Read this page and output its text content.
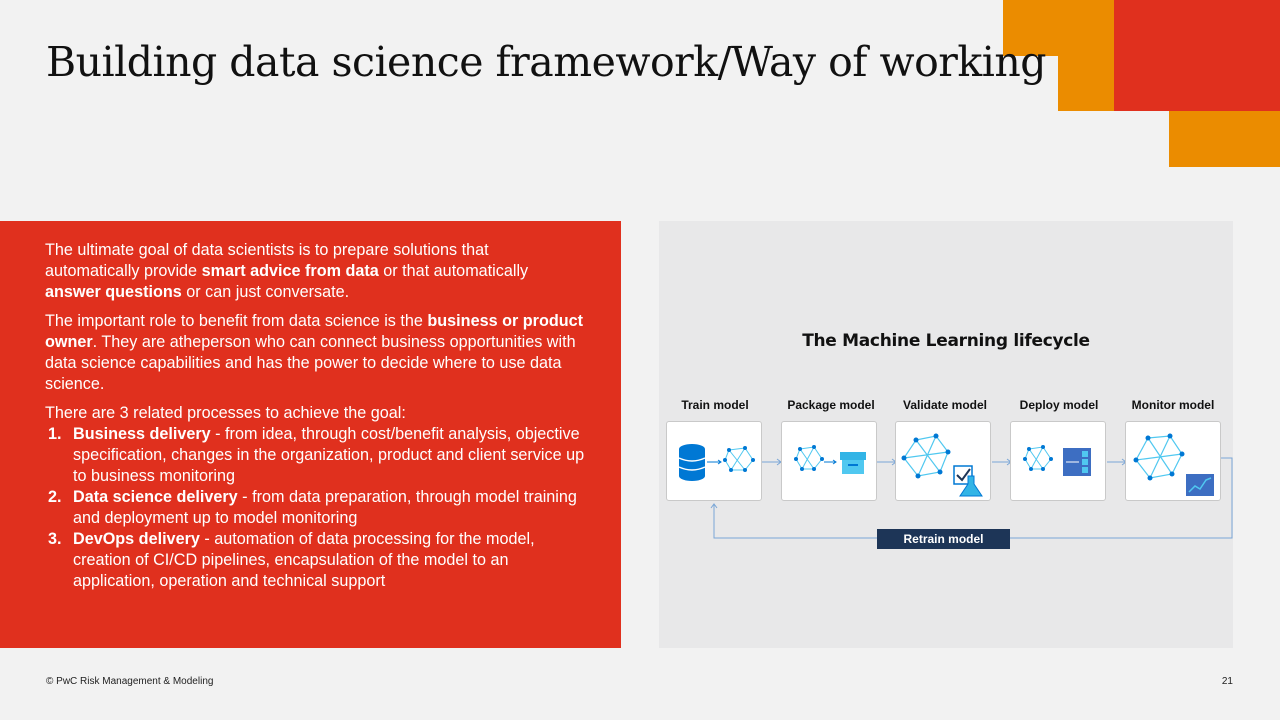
Building data science framework/Way of working

The ultimate goal of data scientists is to prepare solutions that automatically provide smart advice from data or that automatically answer questions or can just conversate.

The important role to benefit from data science is the business or product owner. They are atheperson who can connect business opportunities with data science capabilities and has the power to decide where to use data science.

There are 3 related processes to achieve the goal:

1. Business delivery - from idea, through cost/benefit analysis, objective specification, changes in the organization, product and client service up to business monitoring
2. Data science delivery - from data preparation, through model training and deployment up to model monitoring
3. DevOps delivery - automation of data processing for the model, creation of CI/CD pipelines, encapsulation of the model to an application, operation and technical support
The Machine Learning lifecycle
Train model	Package model	Validate model	Deploy model	Monitor model
Retrain model
© PwC Risk Management & Modeling	21
